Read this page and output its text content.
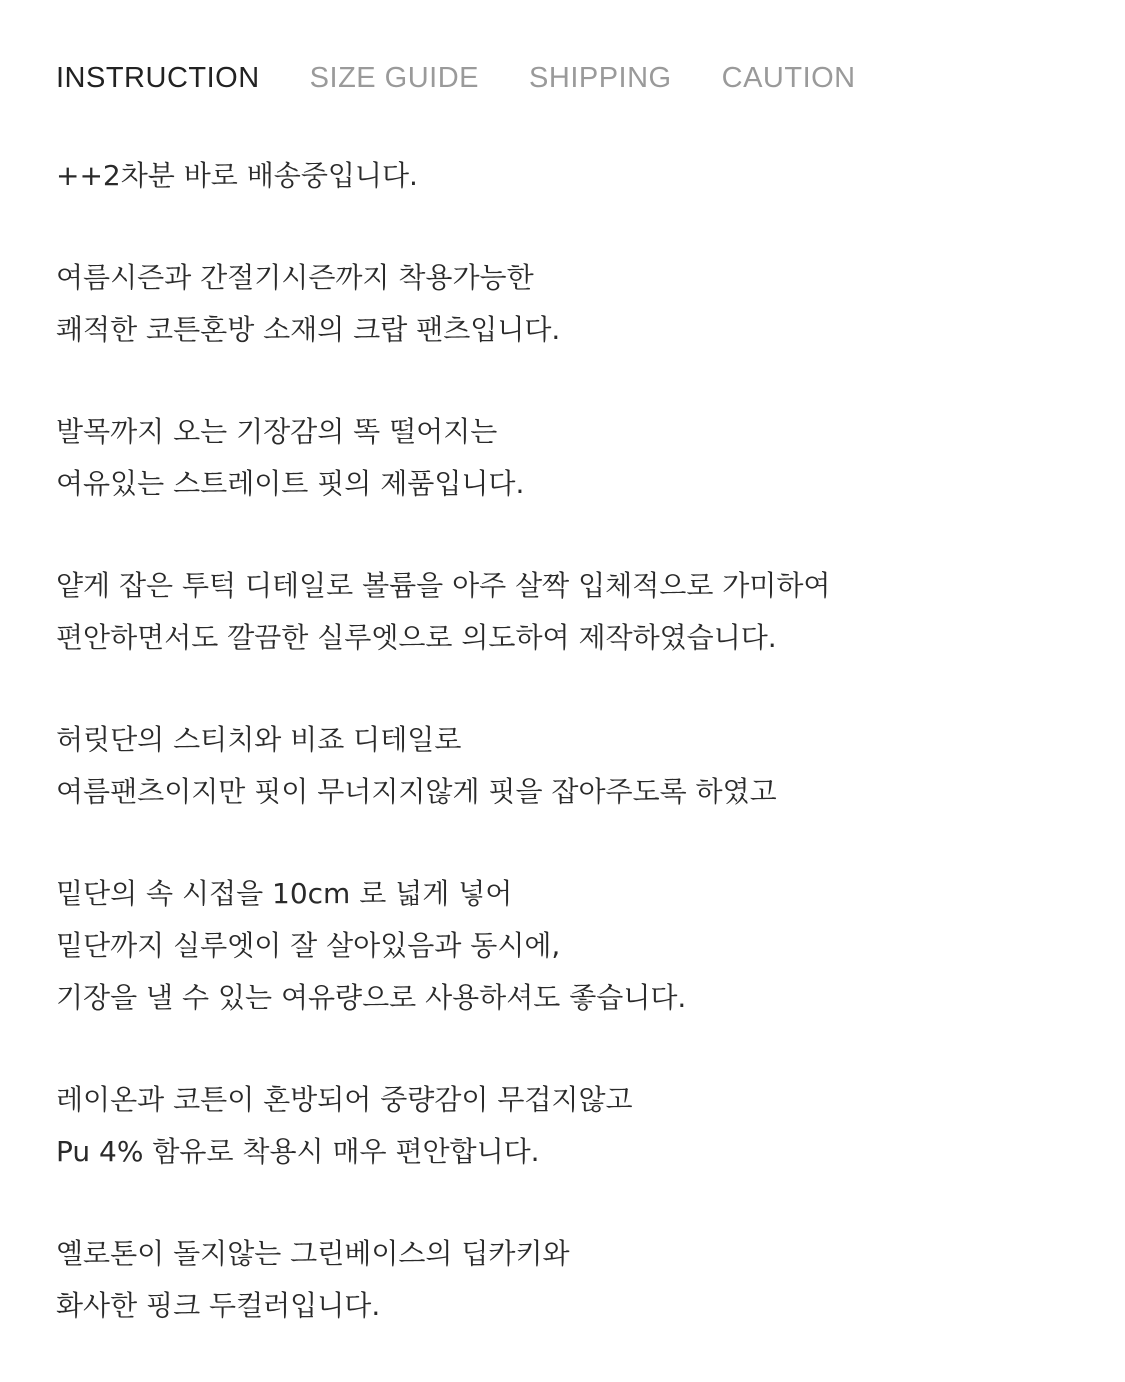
INSTRUCTION SIZE GUIDE SHIPPING CAUTION
++2차분 바로 배송중입니다.
여름시즌과 간절기시즌까지 착용가능한
쾌적한 코튼혼방 소재의 크랍 팬츠입니다.
발목까지 오는 기장감의 똑 떨어지는
여유있는 스트레이트 핏의 제품입니다.
얕게 잡은 투턱 디테일로 볼륨을 아주 살짝 입체적으로 가미하여
편안하면서도 깔끔한 실루엣으로 의도하여 제작하였습니다.
허릿단의 스티치와 비죠 디테일로
여름팬츠이지만 핏이 무너지지않게 핏을 잡아주도록 하였고
밑단의 속 시접을 10cm 로 넓게 넣어
밑단까지 실루엣이 잘 살아있음과 동시에,
기장을 낼 수 있는 여유량으로 사용하셔도 좋습니다.
레이온과 코튼이 혼방되어 중량감이 무겁지않고
Pu 4% 함유로 착용시 매우 편안합니다.
옐로톤이 돌지않는 그린베이스의 딥카키와
화사한 핑크 두컬러입니다.
